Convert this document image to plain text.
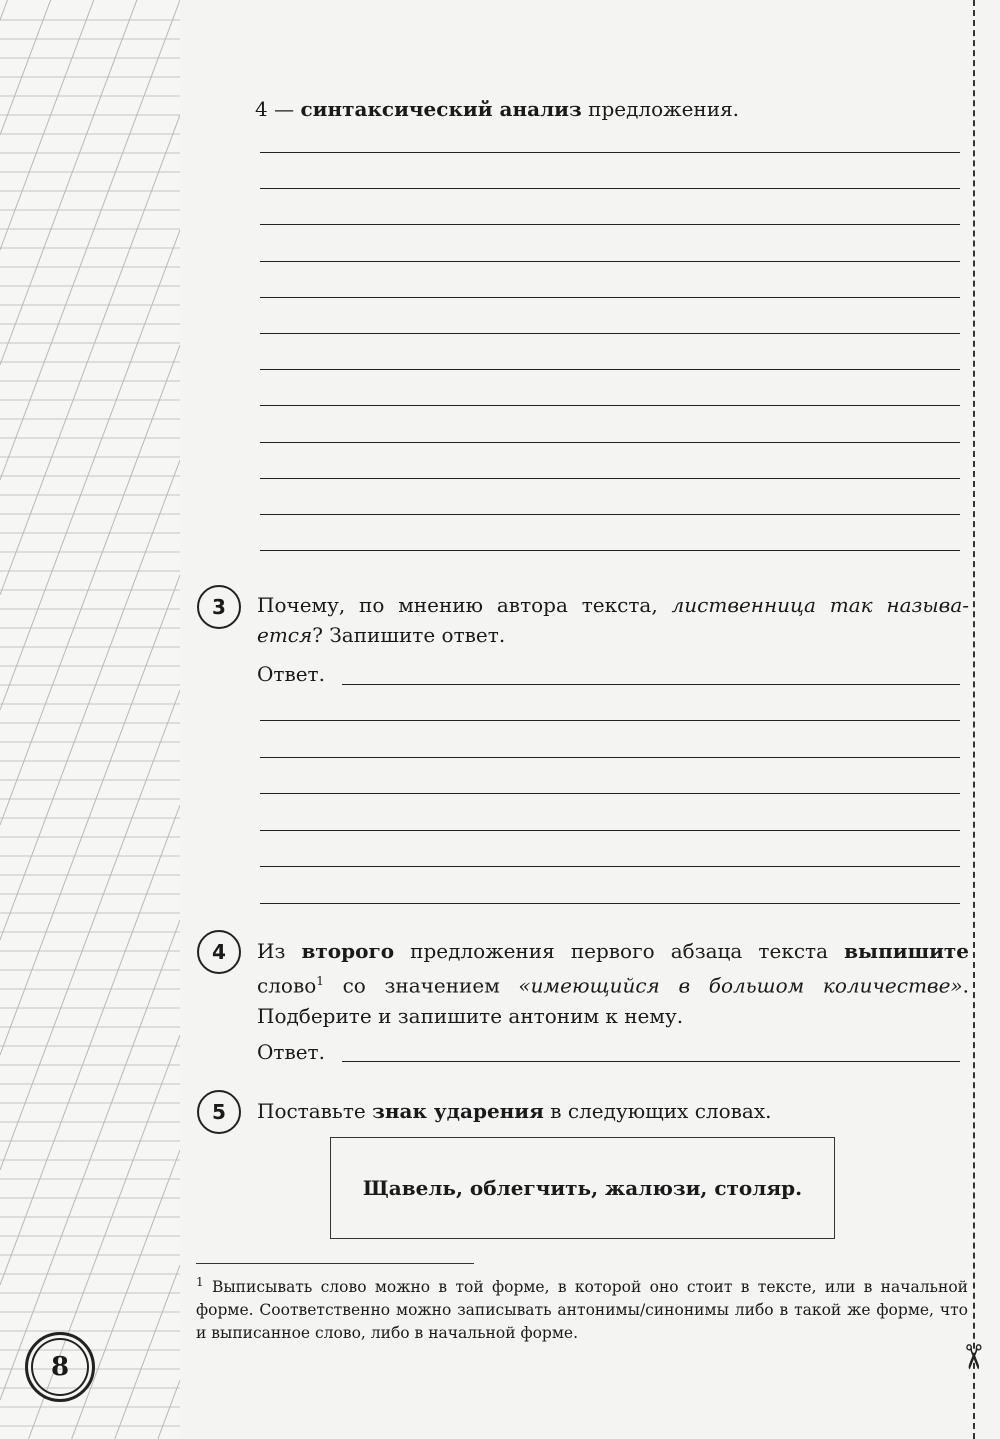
✂
4 — синтаксический анализ предложения.
3 Почему, по мнению автора текста, лиственница так называется? Запишите ответ.
Ответ.
4 Из второго предложения первого абзаца текста выпишите слово$^1$ со значением «имеющийся в большом количестве». Подберите и запишите антоним к нему.
Ответ.
5 Поставьте знак ударения в следующих словах.
Щавель, облегчить, жалюзи, столяр.
$^1$ Выписывать слово можно в той форме, в которой оно стоит в тексте, или в начальной форме. Соответственно можно записывать антонимы/синонимы либо в такой же форме, что и выписанное слово, либо в начальной форме.
8
